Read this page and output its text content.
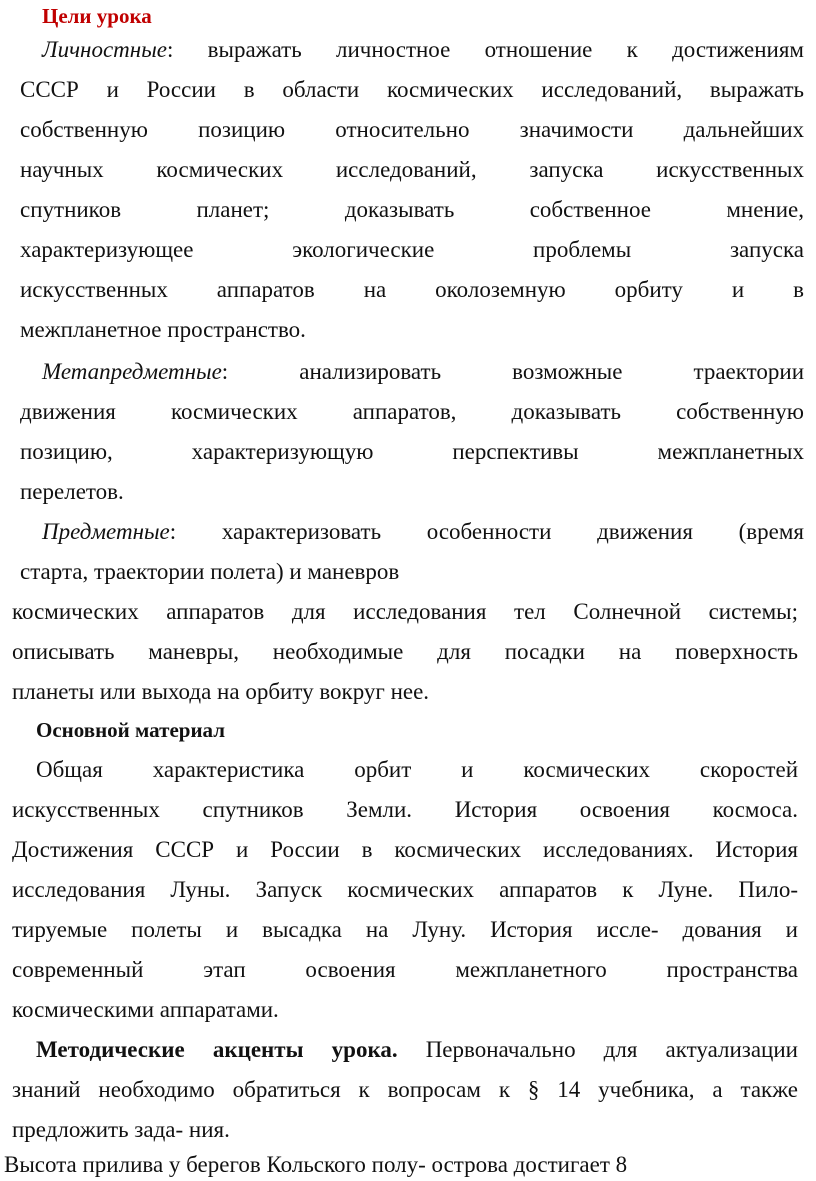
Цели урока
Личностные: выражать личностное отношение к достижениям
СССР и России в области космических исследований, выражать
собственную позицию относительно значимости дальнейших
научных космических исследований, запуска искусственных
спутников планет; доказывать собственное мнение,
характеризующее экологические проблемы запуска
искусственных аппаратов на околоземную орбиту и в
межпланетное пространство.
Метапредметные: анализировать возможные траектории
движения космических аппаратов, доказывать собственную
позицию, характеризующую перспективы межпланетных
перелетов.
Предметные: характеризовать особенности движения (время
старта, траектории полета) и маневров
космических аппаратов для исследования тел Солнечной системы;
описывать маневры, необходимые для посадки на поверхность
планеты или выхода на орбиту вокруг нее.
Основной материал
Общая характеристика орбит и космических скоростей
искусственных спутников Земли. История освоения космоса.
Достижения СССР и России в космических исследованиях. История
исследования Луны. Запуск космических аппаратов к Луне. Пило-
тируемые полеты и высадка на Луну. История иссле- дования и
современный этап освоения межпланетного пространства
космическими аппаратами.
Методические акценты урока. Первоначально для актуализации
знаний необходимо обратиться к вопросам к § 14 учебника, а также
предложить зада- ния.
Высота прилива у берегов Кольского полу- острова достигает 8
